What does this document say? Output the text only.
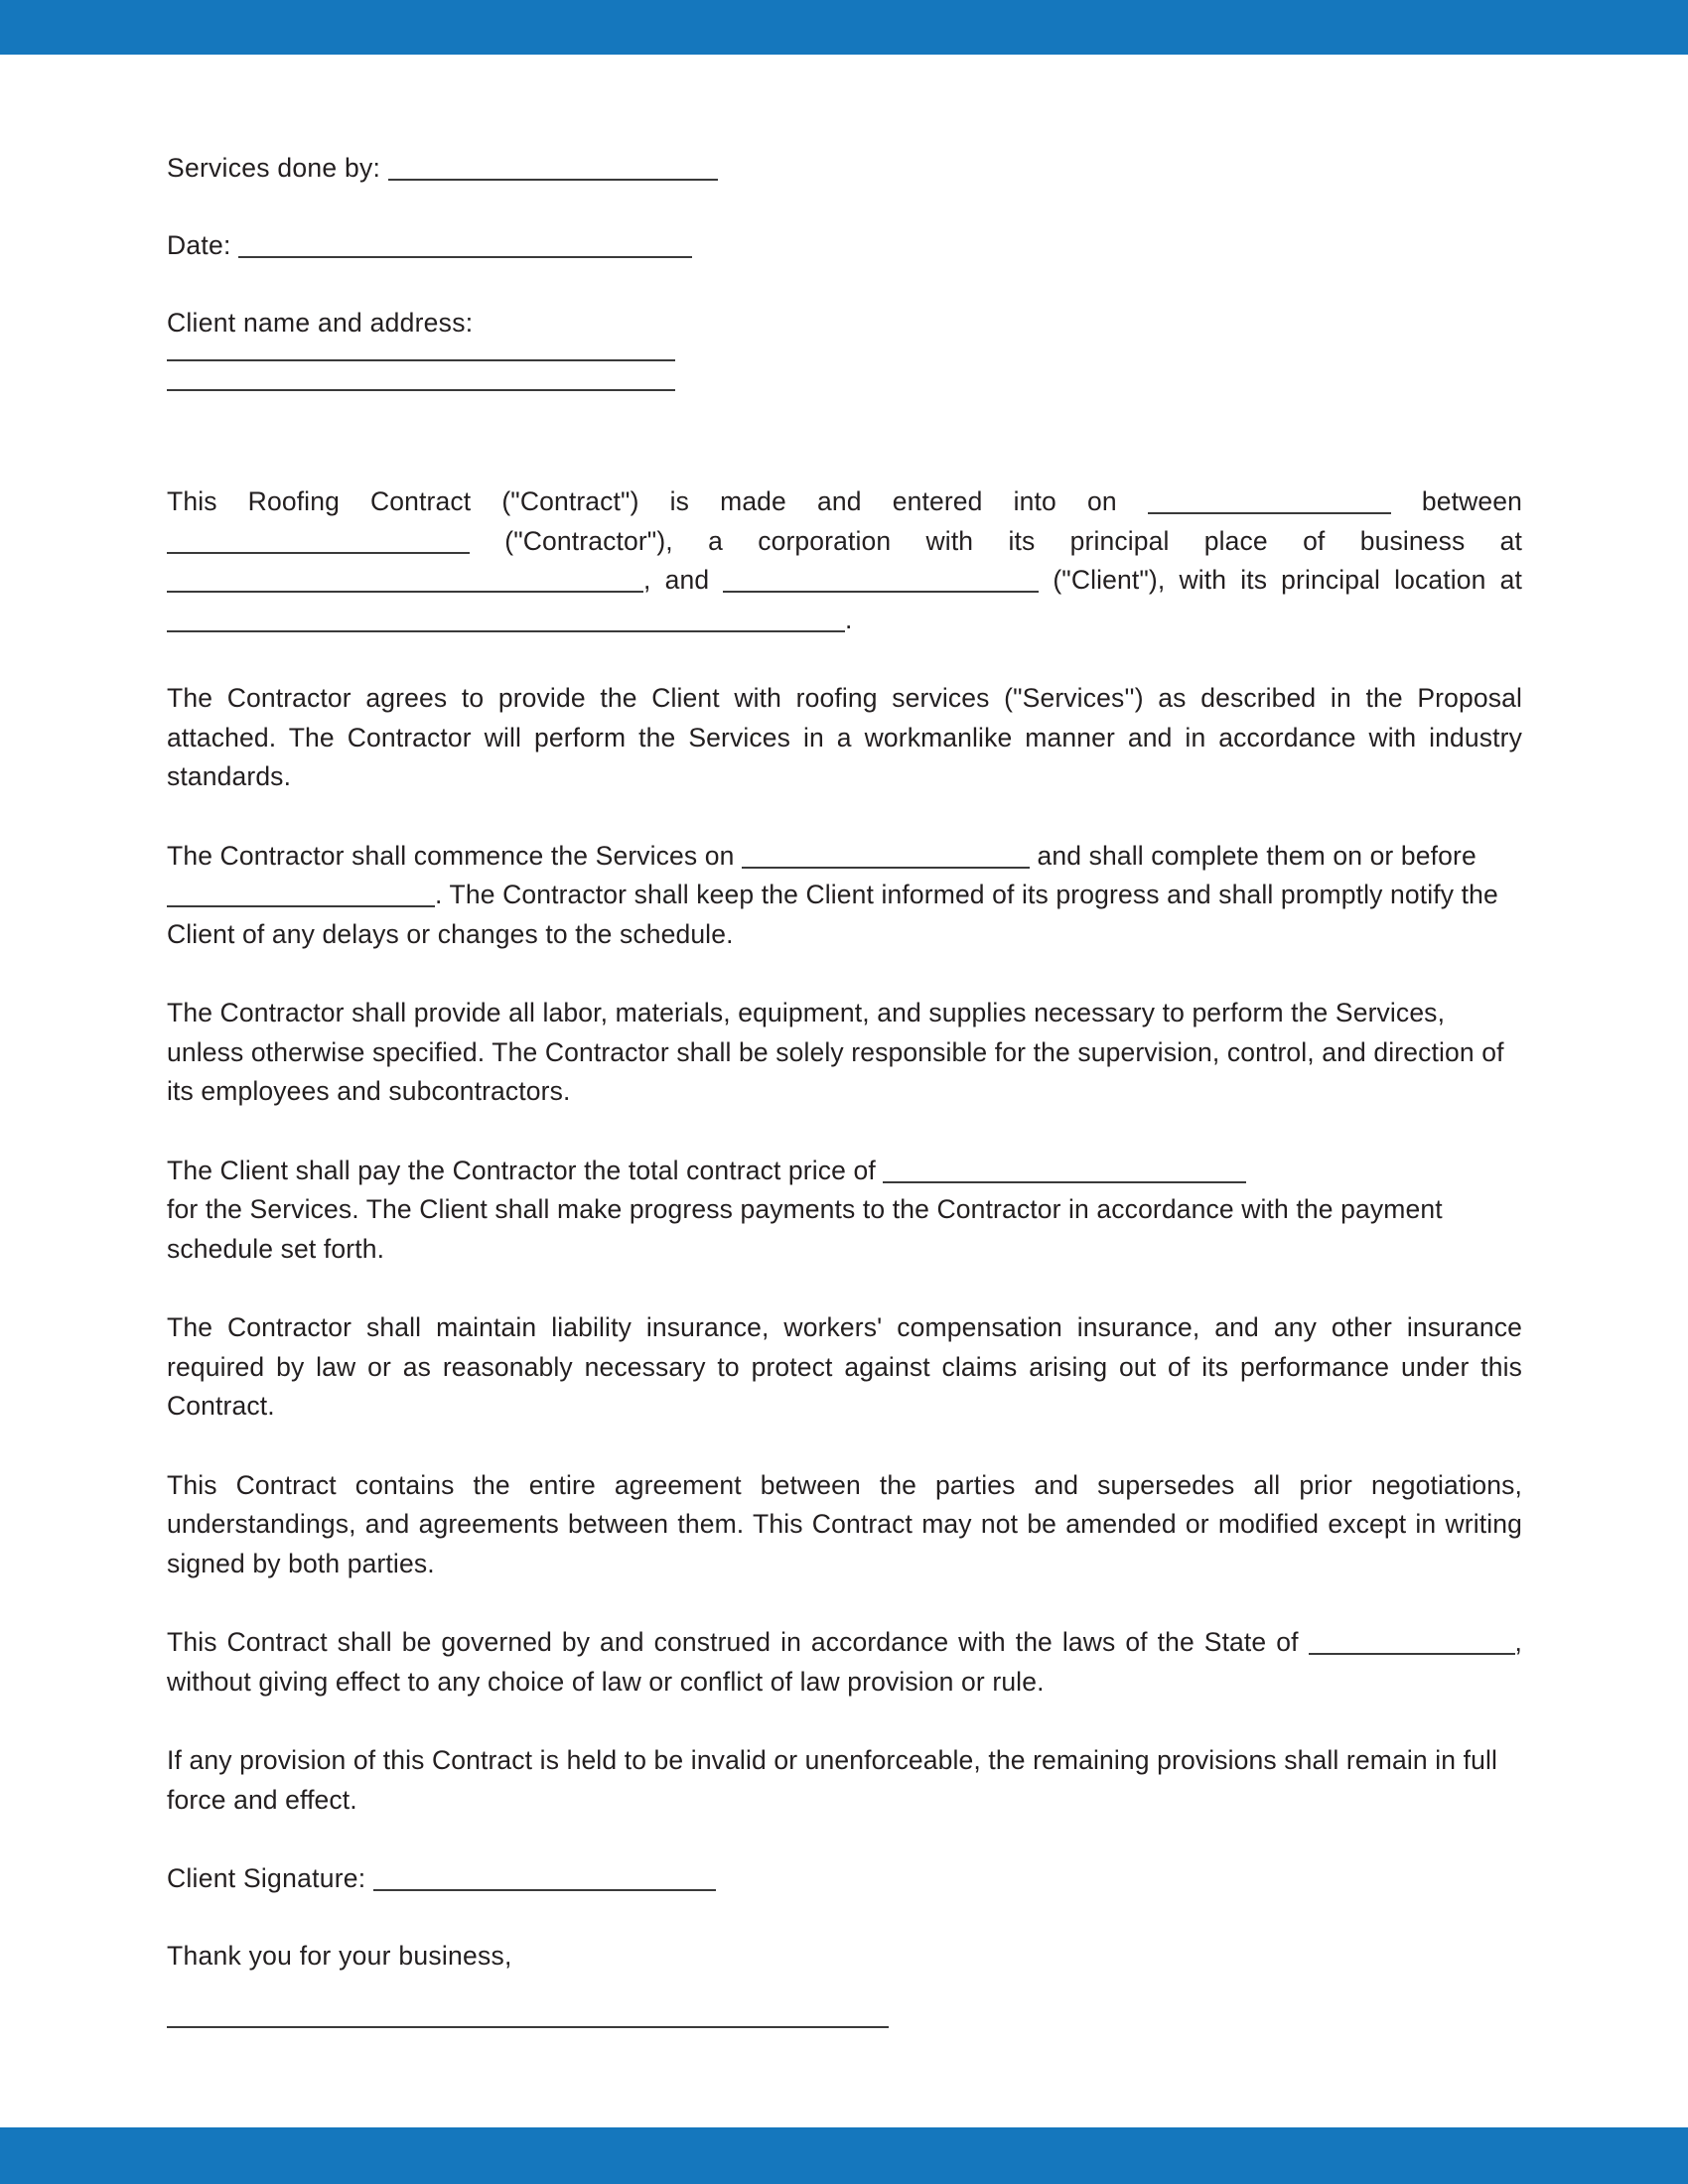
Services done by:
Date:
Client name and address:
This Roofing Contract ("Contract") is made and entered into on	between  ("Contractor"), a corporation with its principal place of business at , and	("Client"), with its principal location at .
The Contractor agrees to provide the Client with roofing services ("Services'') as described in the Proposal attached. The Contractor will perform the Services in a workmanlike manner and in accordance with industry standards.
The Contractor shall commence the Services on	and shall complete them on or before . The Contractor shall keep the Client informed of its progress and shall promptly notify the Client of any delays or changes to the schedule.
The Contractor shall provide all labor, materials, equipment, and supplies necessary to perform the Services, unless otherwise specified. The Contractor shall be solely responsible for the supervision, control, and direction of its employees and subcontractors.
The Client shall pay the Contractor the total contract price of
for the Services. The Client shall make progress payments to the Contractor in accordance with the payment schedule set forth.
The Contractor shall maintain liability insurance, workers' compensation insurance, and any other insurance required by law or as reasonably necessary to protect against claims arising out of its performance under this Contract.
This Contract contains the entire agreement between the parties and supersedes all prior negotiations, understandings, and agreements between them. This Contract may not be amended or modified except in writing signed by both parties.
This Contract shall be governed by and construed in accordance with the laws of the State of	, without giving effect to any choice of law or conflict of law provision or rule.
If any provision of this Contract is held to be invalid or unenforceable, the remaining provisions shall remain in full force and effect.
Client Signature:
Thank you for your business,
